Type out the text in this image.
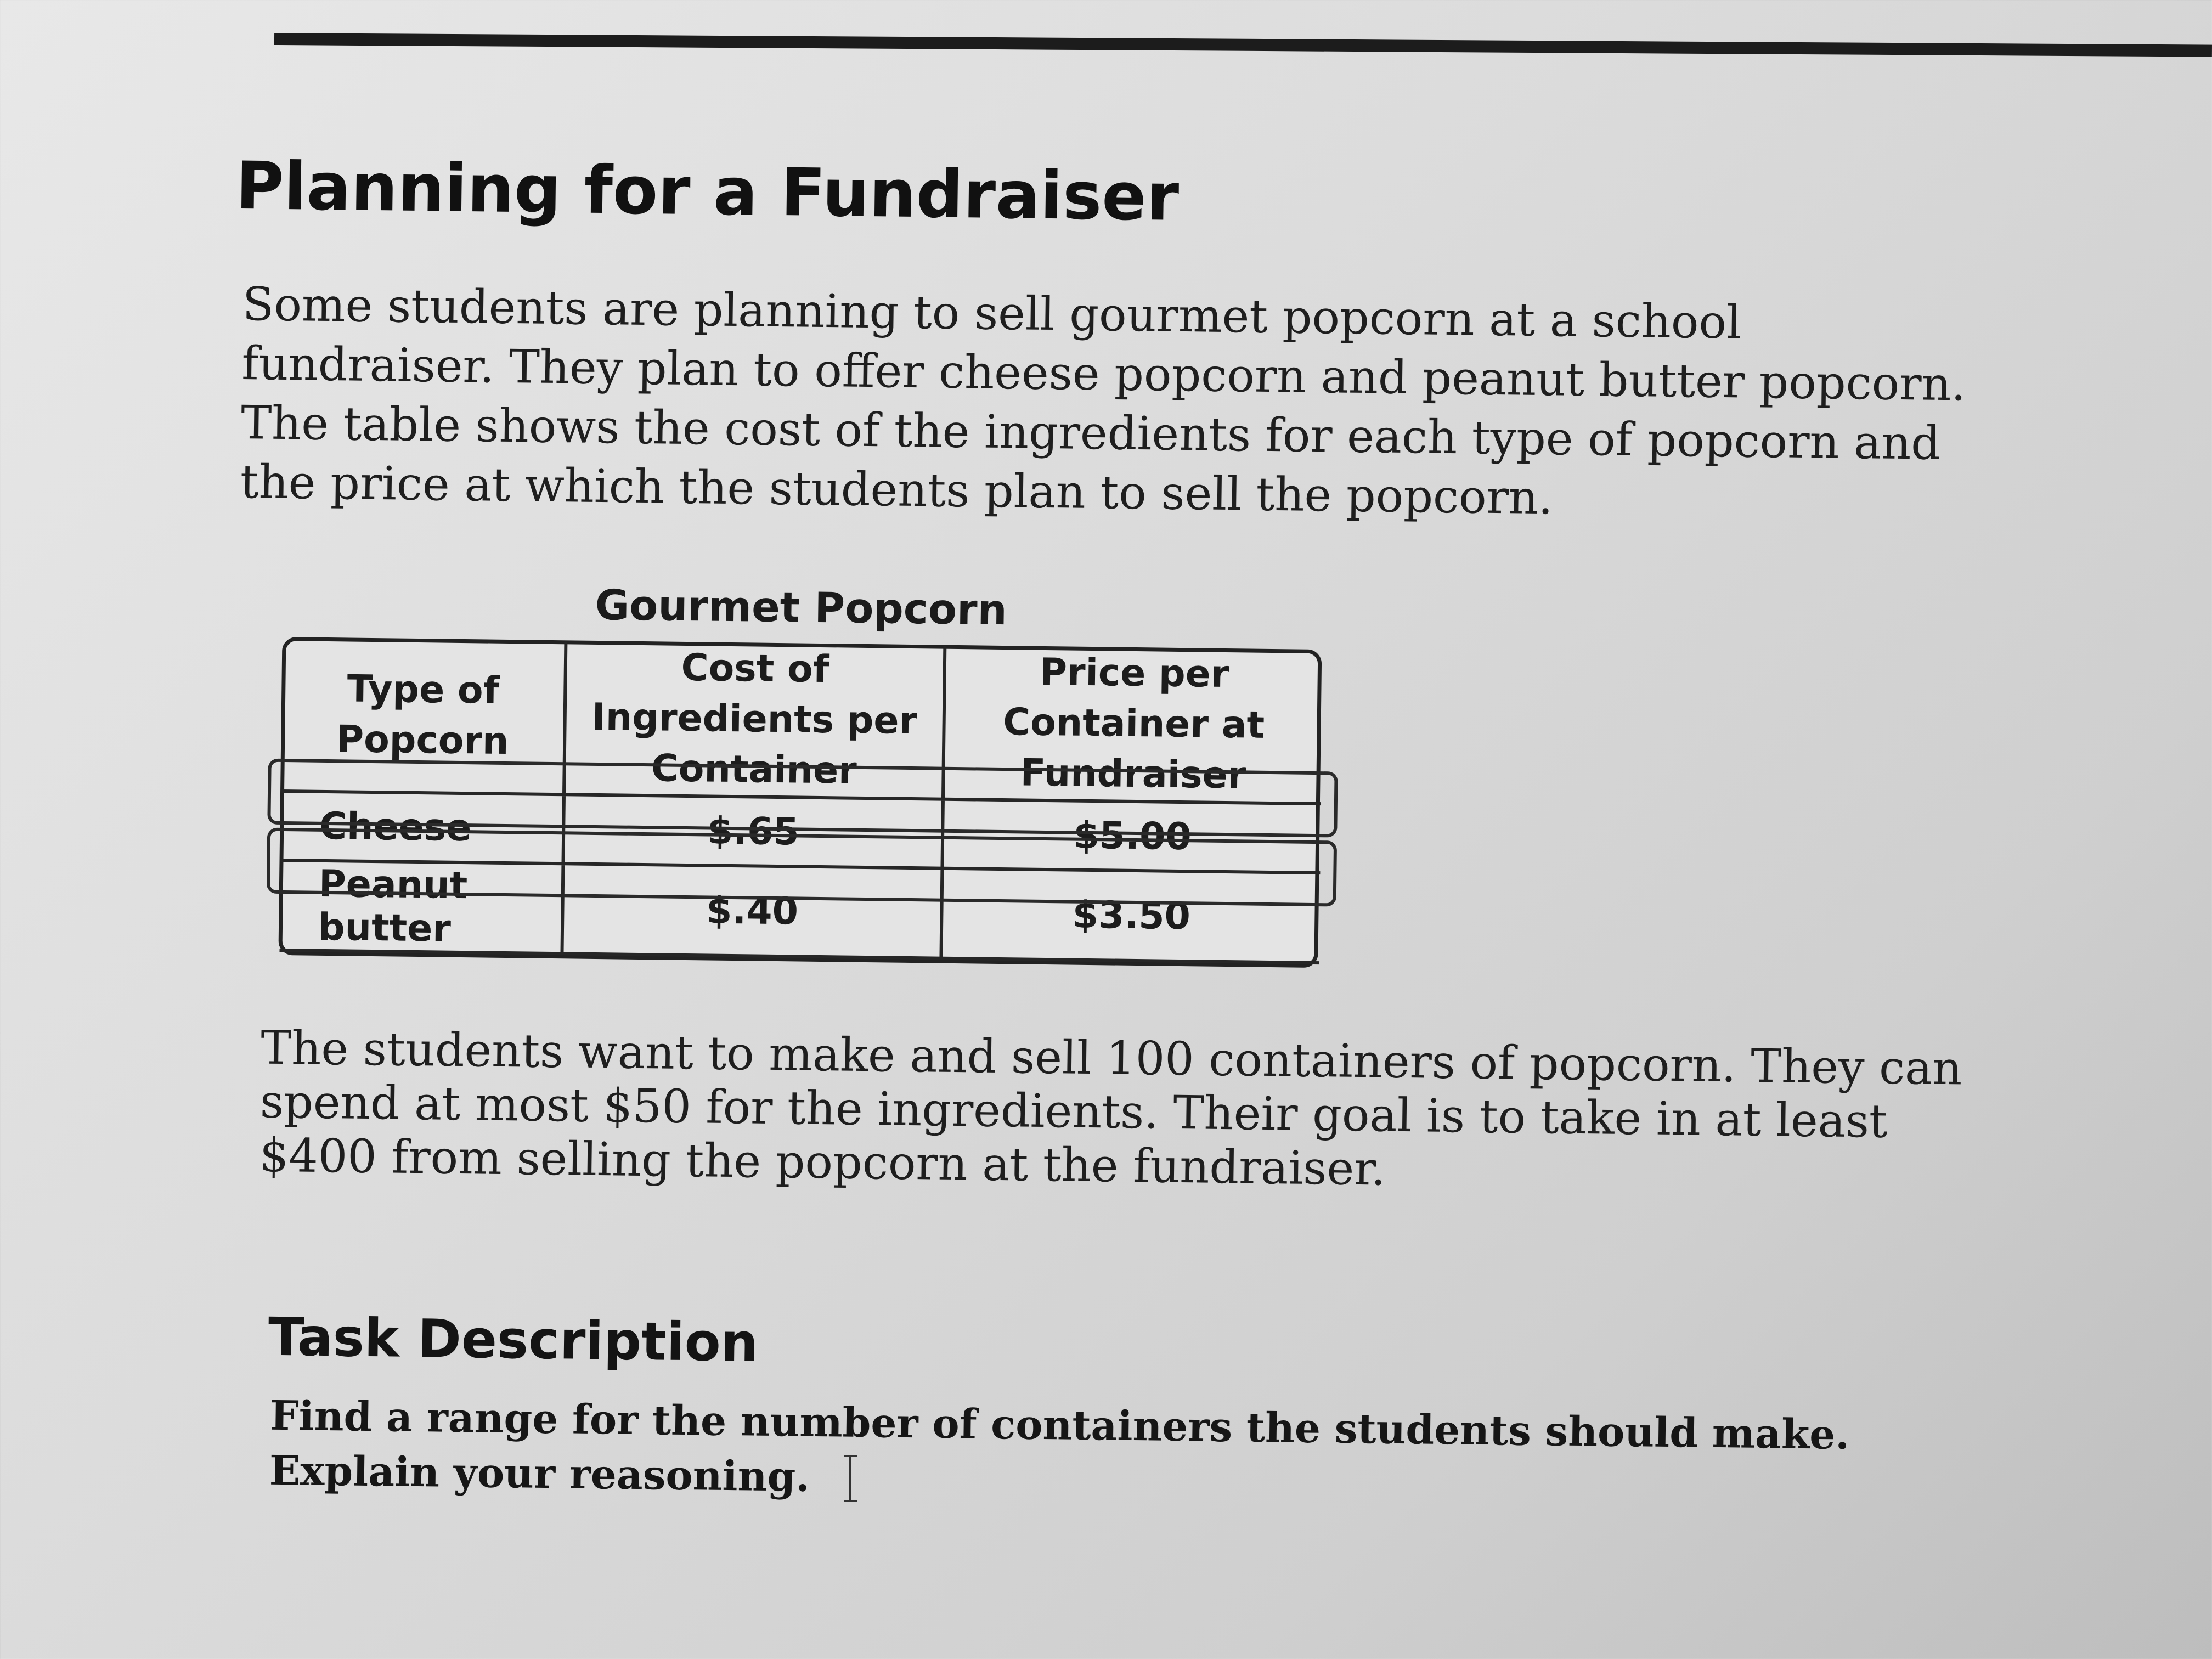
Planning for a Fundraiser

Some students are planning to sell gourmet popcorn at a school fundraiser. They plan to offer cheese popcorn and peanut butter popcorn. The table shows the cost of the ingredients for each type of popcorn and the price at which the students plan to sell the popcorn.

Gourmet Popcorn
Type of Popcorn	Cost of Ingredients per Container	Price per Container at Fundraiser
Cheese	$.65	$5.00
Peanut butter	$.40	$3.50

The students want to make and sell 100 containers of popcorn. They can spend at most $50 for the ingredients. Their goal is to take in at least $400 from selling the popcorn at the fundraiser.

Task Description

Find a range for the number of containers the students should make. Explain your reasoning.
